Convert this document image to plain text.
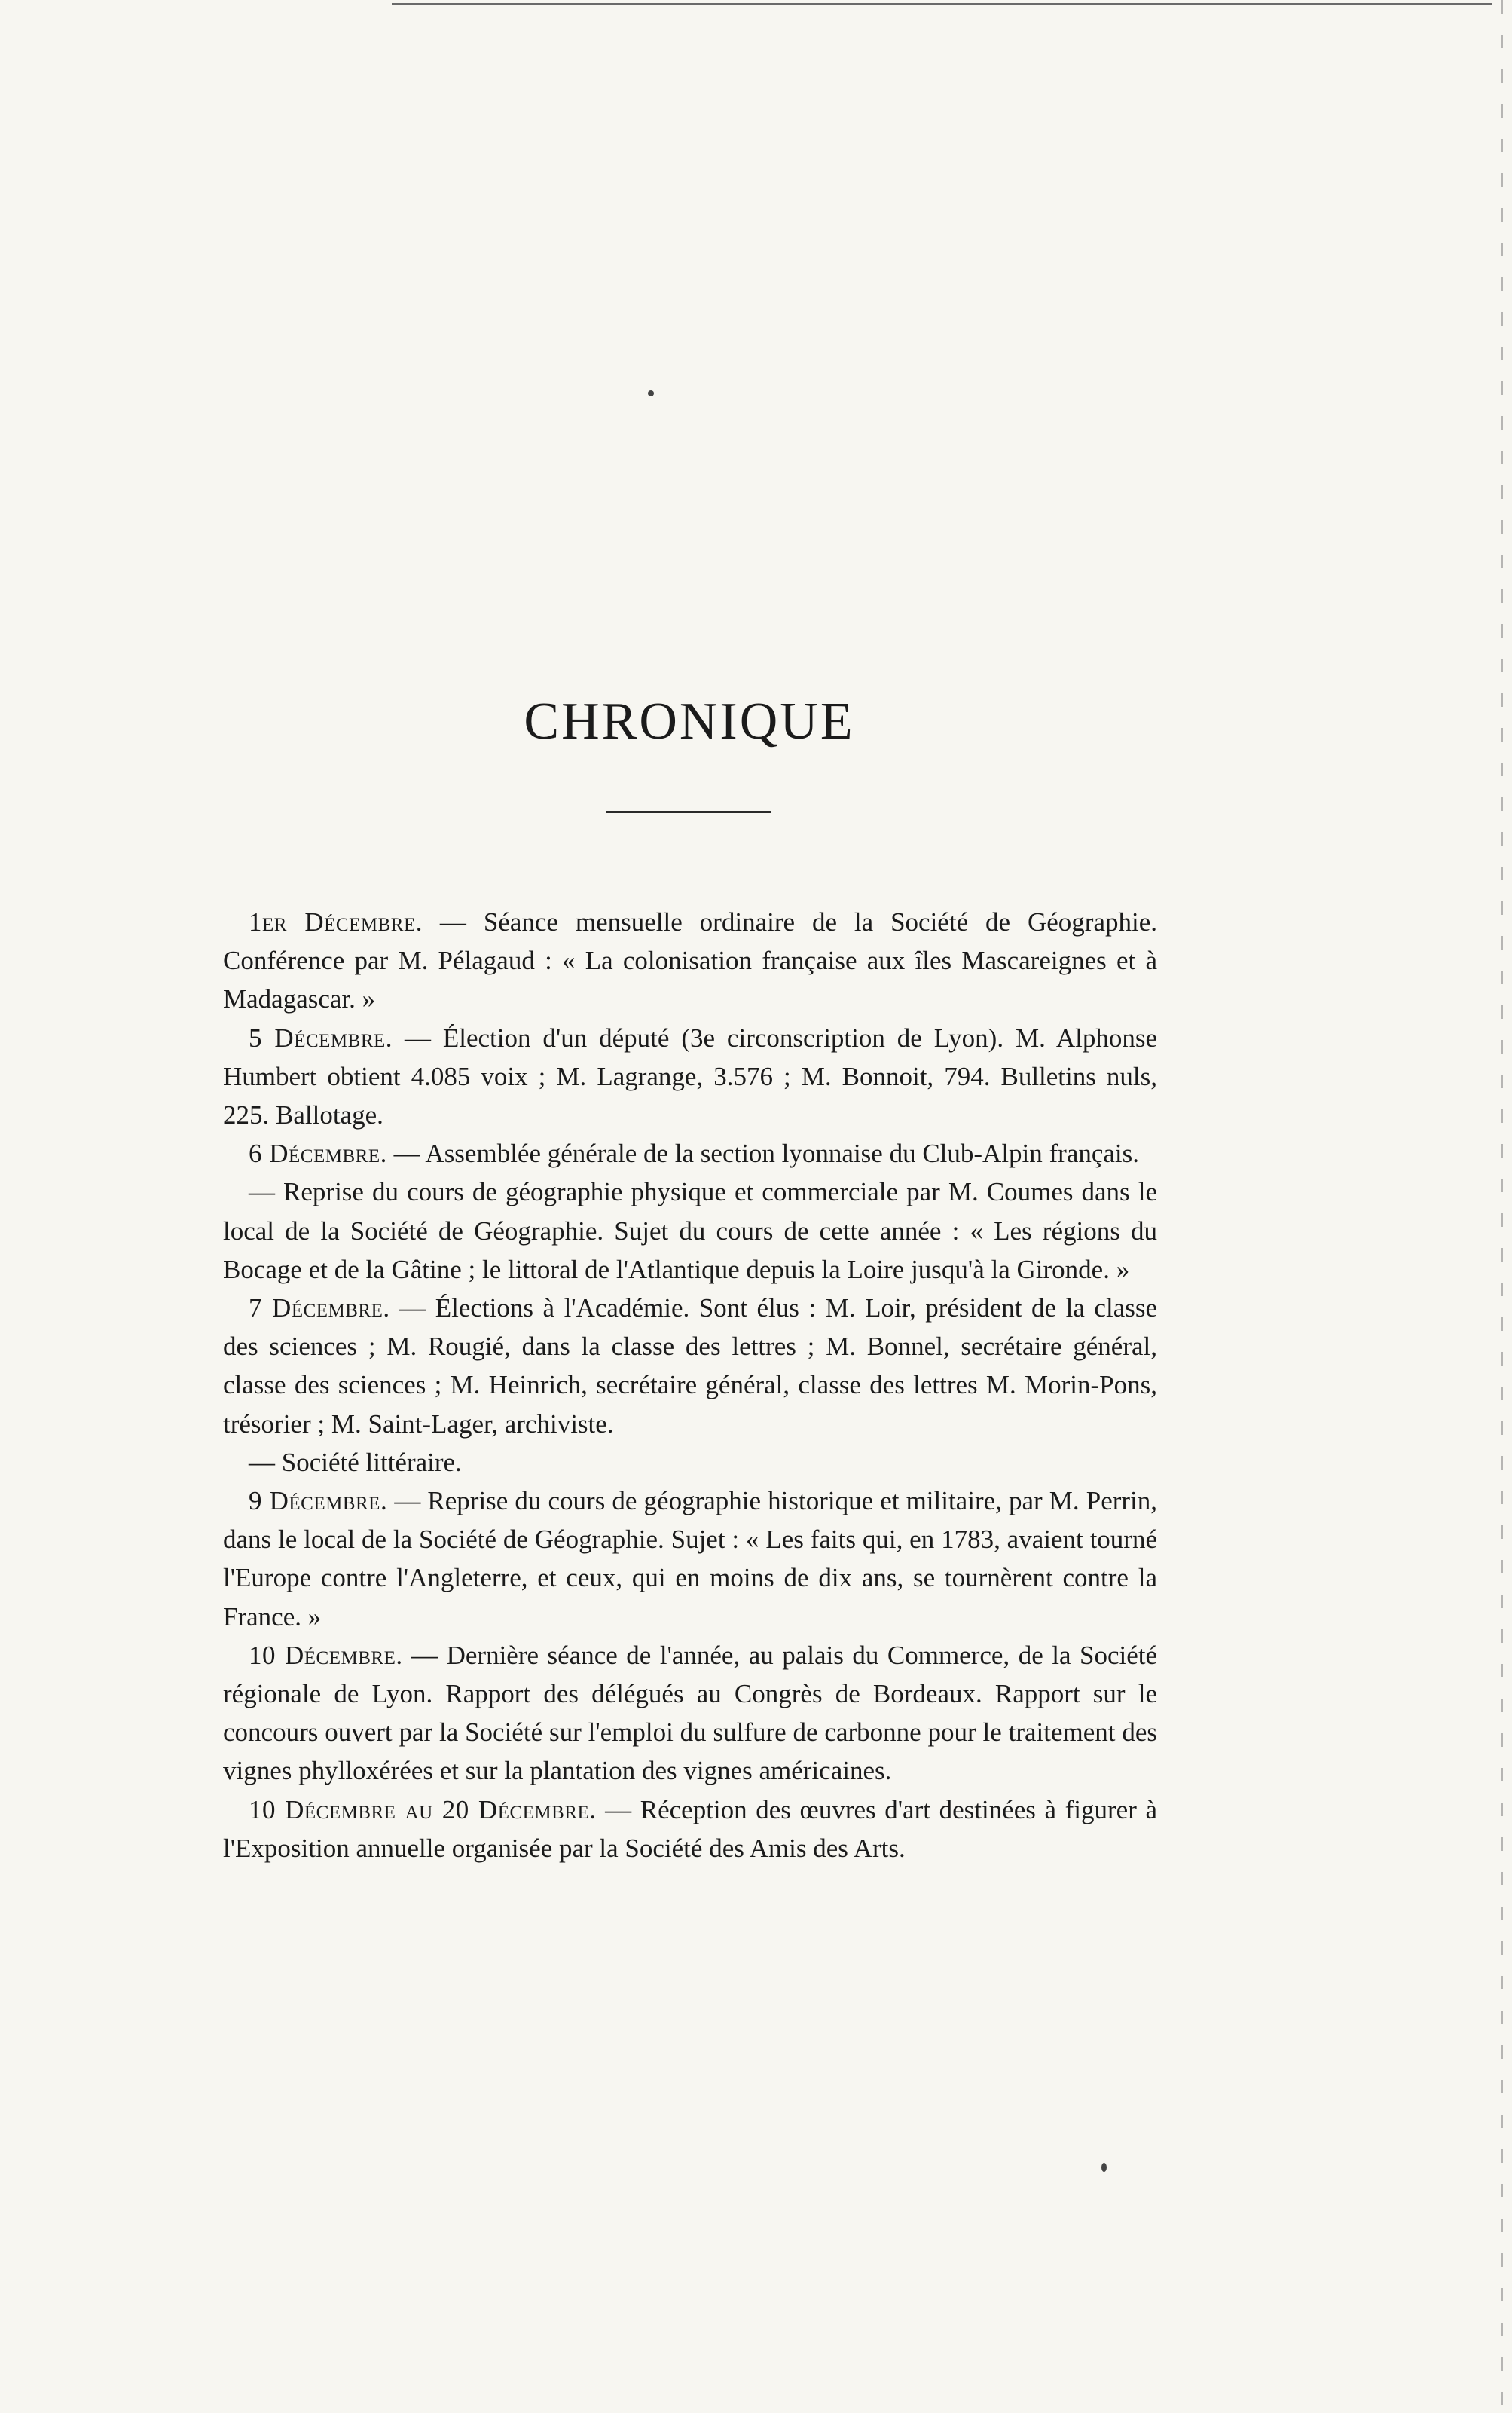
CHRONIQUE

1er Décembre. — Séance mensuelle ordinaire de la Société de Géographie. Conférence par M. Pélagaud : « La colonisation française aux îles Mascareignes et à Madagascar. »

5 Décembre. — Élection d'un député (3e circonscription de Lyon). M. Alphonse Humbert obtient 4.085 voix ; M. Lagrange, 3.576 ; M. Bonnoit, 794. Bulletins nuls, 225. Ballotage.

6 Décembre. — Assemblée générale de la section lyonnaise du Club-Alpin français.

— Reprise du cours de géographie physique et commerciale par M. Coumes dans le local de la Société de Géographie. Sujet du cours de cette année : « Les régions du Bocage et de la Gâtine ; le littoral de l'Atlantique depuis la Loire jusqu'à la Gironde. »

7 Décembre. — Élections à l'Académie. Sont élus : M. Loir, président de la classe des sciences ; M. Rougié, dans la classe des lettres ; M. Bonnel, secrétaire général, classe des sciences ; M. Heinrich, secrétaire général, classe des lettres M. Morin-Pons, trésorier ; M. Saint-Lager, archiviste.

— Société littéraire.

9 Décembre. — Reprise du cours de géographie historique et militaire, par M. Perrin, dans le local de la Société de Géographie. Sujet : « Les faits qui, en 1783, avaient tourné l'Europe contre l'Angleterre, et ceux, qui en moins de dix ans, se tournèrent contre la France. »

10 Décembre. — Dernière séance de l'année, au palais du Commerce, de la Société régionale de Lyon. Rapport des délégués au Congrès de Bordeaux. Rapport sur le concours ouvert par la Société sur l'emploi du sulfure de carbonne pour le traitement des vignes phylloxérées et sur la plantation des vignes américaines.

10 Décembre au 20 Décembre. — Réception des œuvres d'art destinées à figurer à l'Exposition annuelle organisée par la Société des Amis des Arts.
